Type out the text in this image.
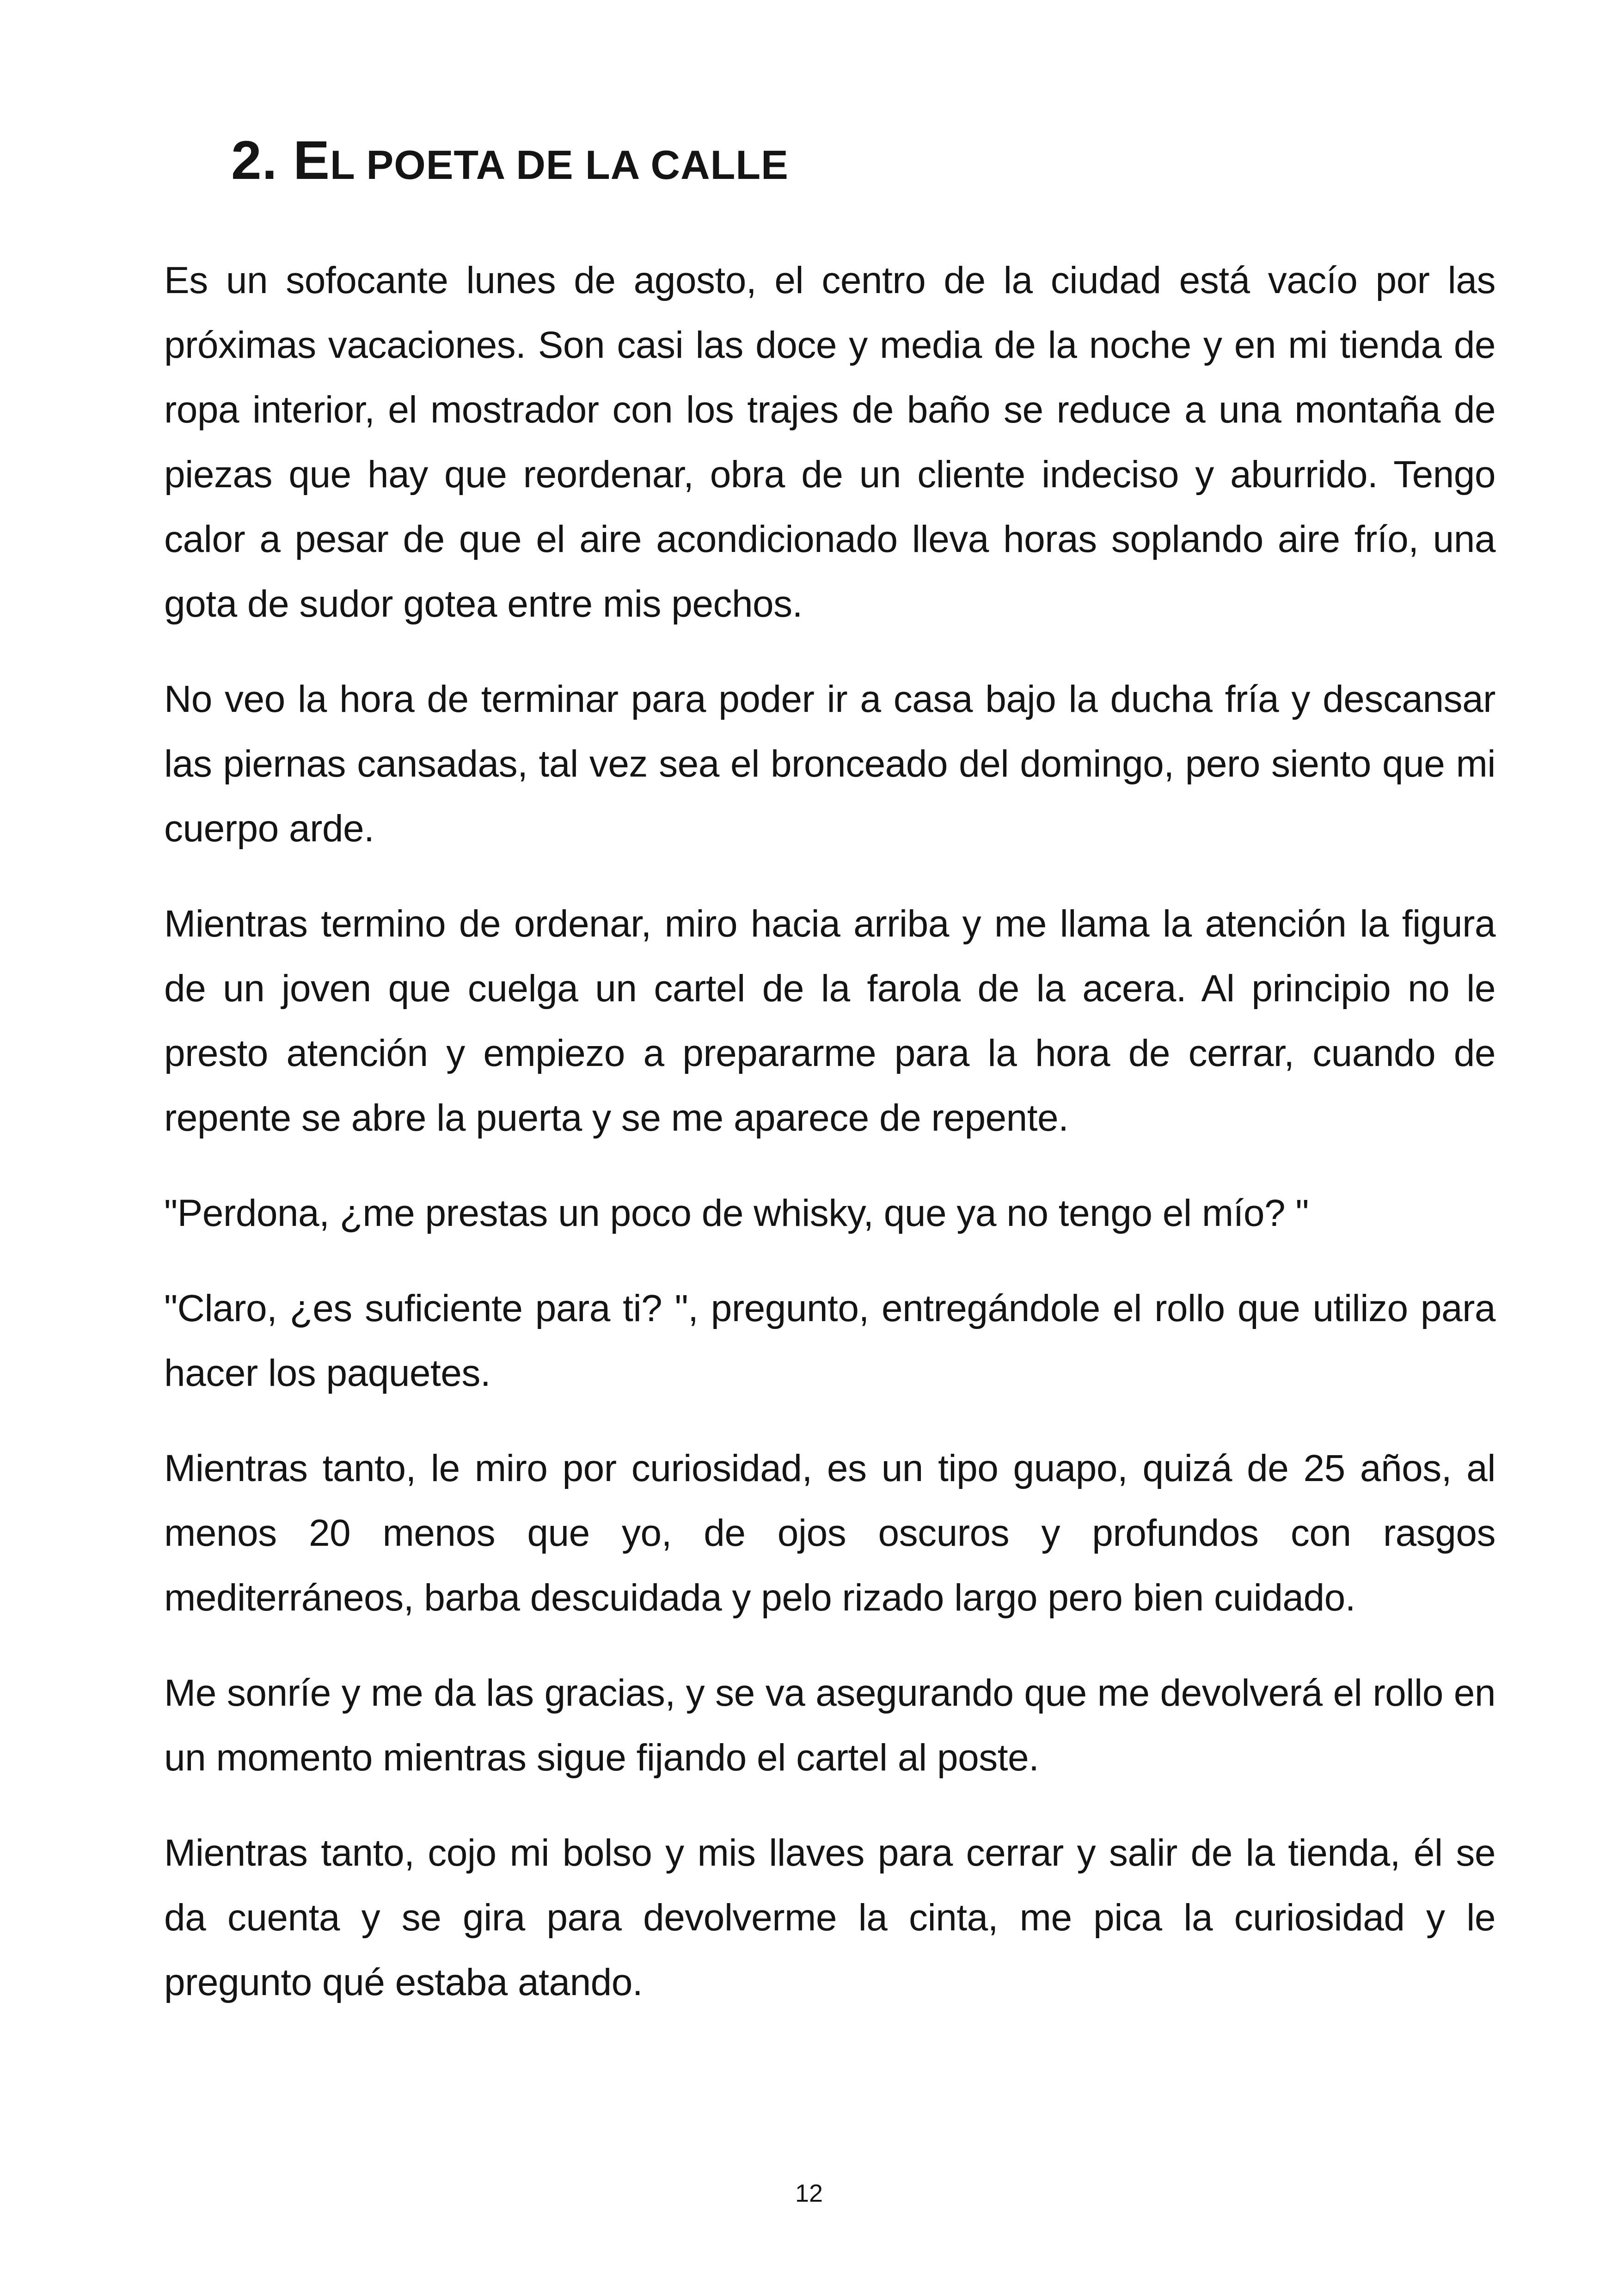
2. EL POETA DE LA CALLE

Es un sofocante lunes de agosto, el centro de la ciudad está vacío por las próximas vacaciones. Son casi las doce y media de la noche y en mi tienda de ropa interior, el mostrador con los trajes de baño se reduce a una montaña de piezas que hay que reordenar, obra de un cliente indeciso y aburrido. Tengo calor a pesar de que el aire acondicionado lleva horas soplando aire frío, una gota de sudor gotea entre mis pechos.

No veo la hora de terminar para poder ir a casa bajo la ducha fría y descansar las piernas cansadas, tal vez sea el bronceado del domingo, pero siento que mi cuerpo arde.

Mientras termino de ordenar, miro hacia arriba y me llama la atención la figura de un joven que cuelga un cartel de la farola de la acera. Al principio no le presto atención y empiezo a prepararme para la hora de cerrar, cuando de repente se abre la puerta y se me aparece de repente.

"Perdona, ¿me prestas un poco de whisky, que ya no tengo el mío? "

"Claro, ¿es suficiente para ti? ", pregunto, entregándole el rollo que utilizo para hacer los paquetes.

Mientras tanto, le miro por curiosidad, es un tipo guapo, quizá de 25 años, al menos 20 menos que yo, de ojos oscuros y profundos con rasgos mediterráneos, barba descuidada y pelo rizado largo pero bien cuidado.

Me sonríe y me da las gracias, y se va asegurando que me devolverá el rollo en un momento mientras sigue fijando el cartel al poste.

Mientras tanto, cojo mi bolso y mis llaves para cerrar y salir de la tienda, él se da cuenta y se gira para devolverme la cinta, me pica la curiosidad y le pregunto qué estaba atando.

12
